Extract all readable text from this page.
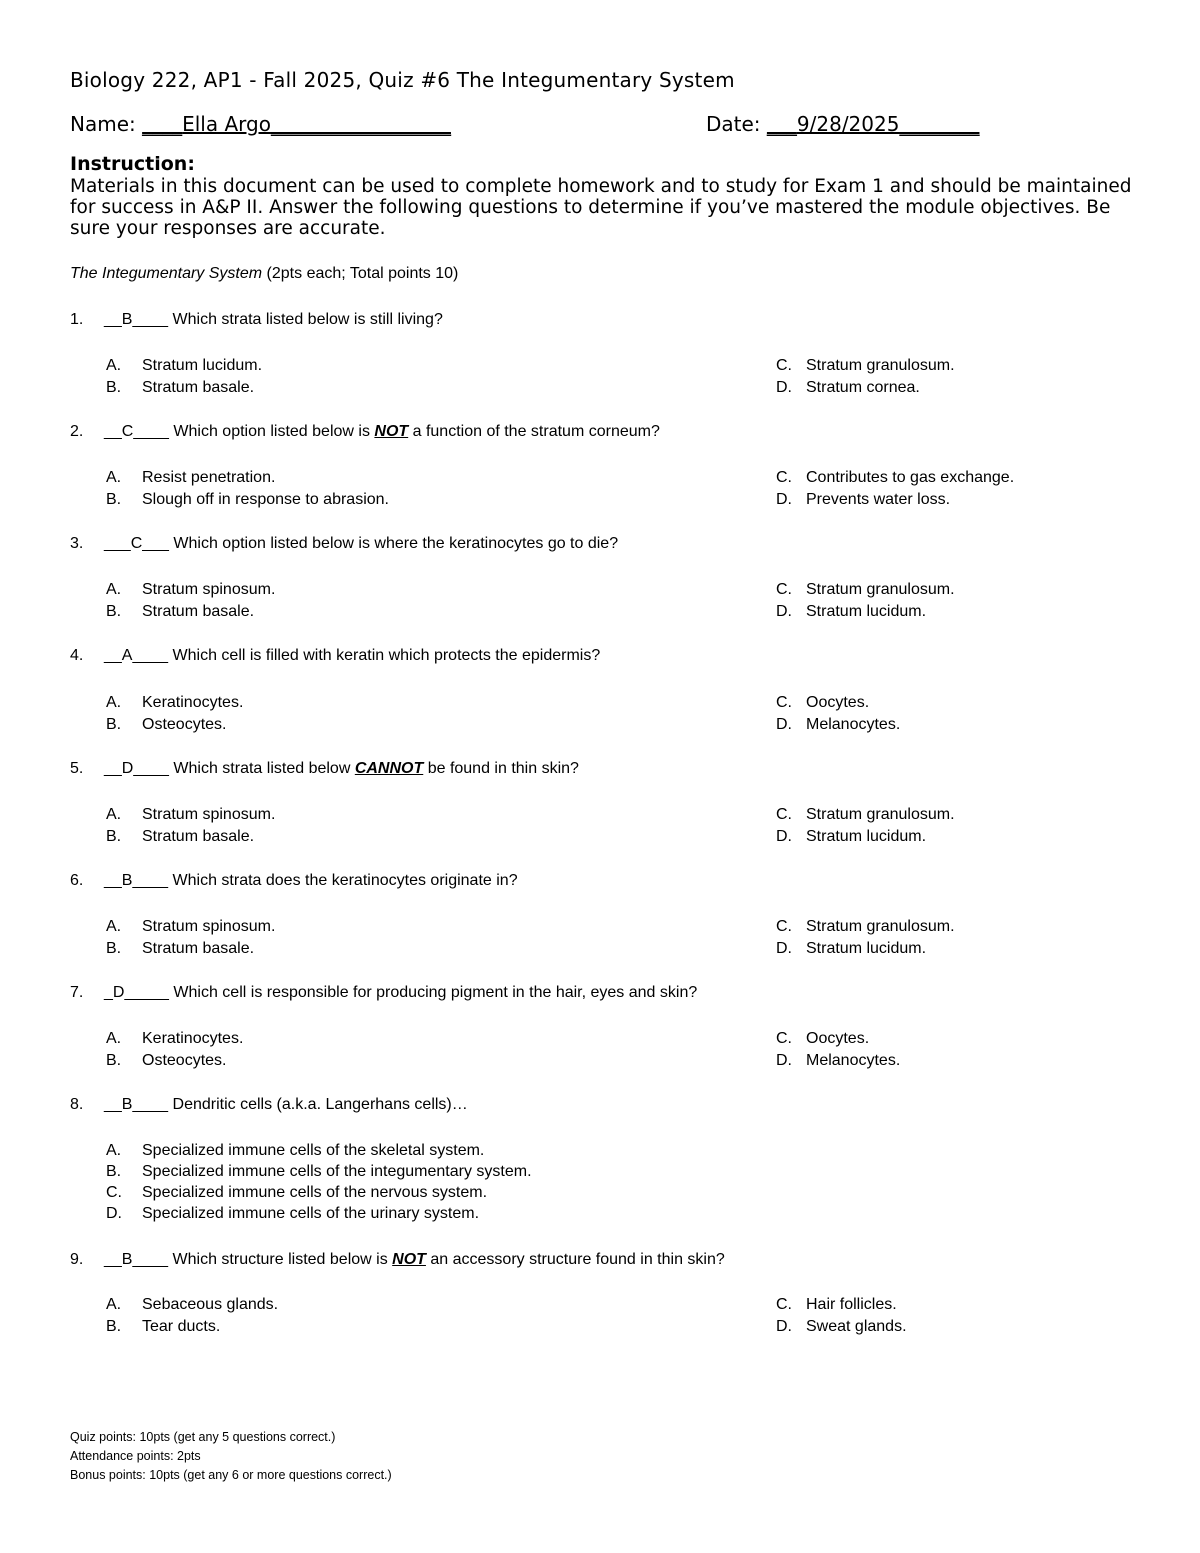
Biology 222, AP1 - Fall 2025, Quiz #6 The Integumentary System
Name: ____Ella Argo__________________	Date: ___9/28/2025________
Instruction:
Materials in this document can be used to complete homework and to study for Exam 1 and should be maintained for success in A&P II. Answer the following questions to determine if you’ve mastered the module objectives. Be sure your responses are accurate.
The Integumentary System (2pts each; Total points 10)
1. __B____ Which strata listed below is still living?
A. Stratum lucidum.
B. Stratum basale.
C. Stratum granulosum.
D. Stratum cornea.
2. __C____ Which option listed below is NOT a function of the stratum corneum?
A. Resist penetration.
B. Slough off in response to abrasion.
C. Contributes to gas exchange.
D. Prevents water loss.
3. ___C___ Which option listed below is where the keratinocytes go to die?
A. Stratum spinosum.
B. Stratum basale.
C. Stratum granulosum.
D. Stratum lucidum.
4. __A____ Which cell is filled with keratin which protects the epidermis?
A. Keratinocytes.
B. Osteocytes.
C. Oocytes.
D. Melanocytes.
5. __D____ Which strata listed below CANNOT be found in thin skin?
A. Stratum spinosum.
B. Stratum basale.
C. Stratum granulosum.
D. Stratum lucidum.
6. __B____ Which strata does the keratinocytes originate in?
A. Stratum spinosum.
B. Stratum basale.
C. Stratum granulosum.
D. Stratum lucidum.
7. _D_____ Which cell is responsible for producing pigment in the hair, eyes and skin?
A. Keratinocytes.
B. Osteocytes.
C. Oocytes.
D. Melanocytes.
8. __B____ Dendritic cells (a.k.a. Langerhans cells)…
A. Specialized immune cells of the skeletal system.
B. Specialized immune cells of the integumentary system.
C. Specialized immune cells of the nervous system.
D. Specialized immune cells of the urinary system.
9. __B____ Which structure listed below is NOT an accessory structure found in thin skin?
A. Sebaceous glands.
B. Tear ducts.
C. Hair follicles.
D. Sweat glands.
Quiz points: 10pts (get any 5 questions correct.)
Attendance points: 2pts
Bonus points: 10pts (get any 6 or more questions correct.)
